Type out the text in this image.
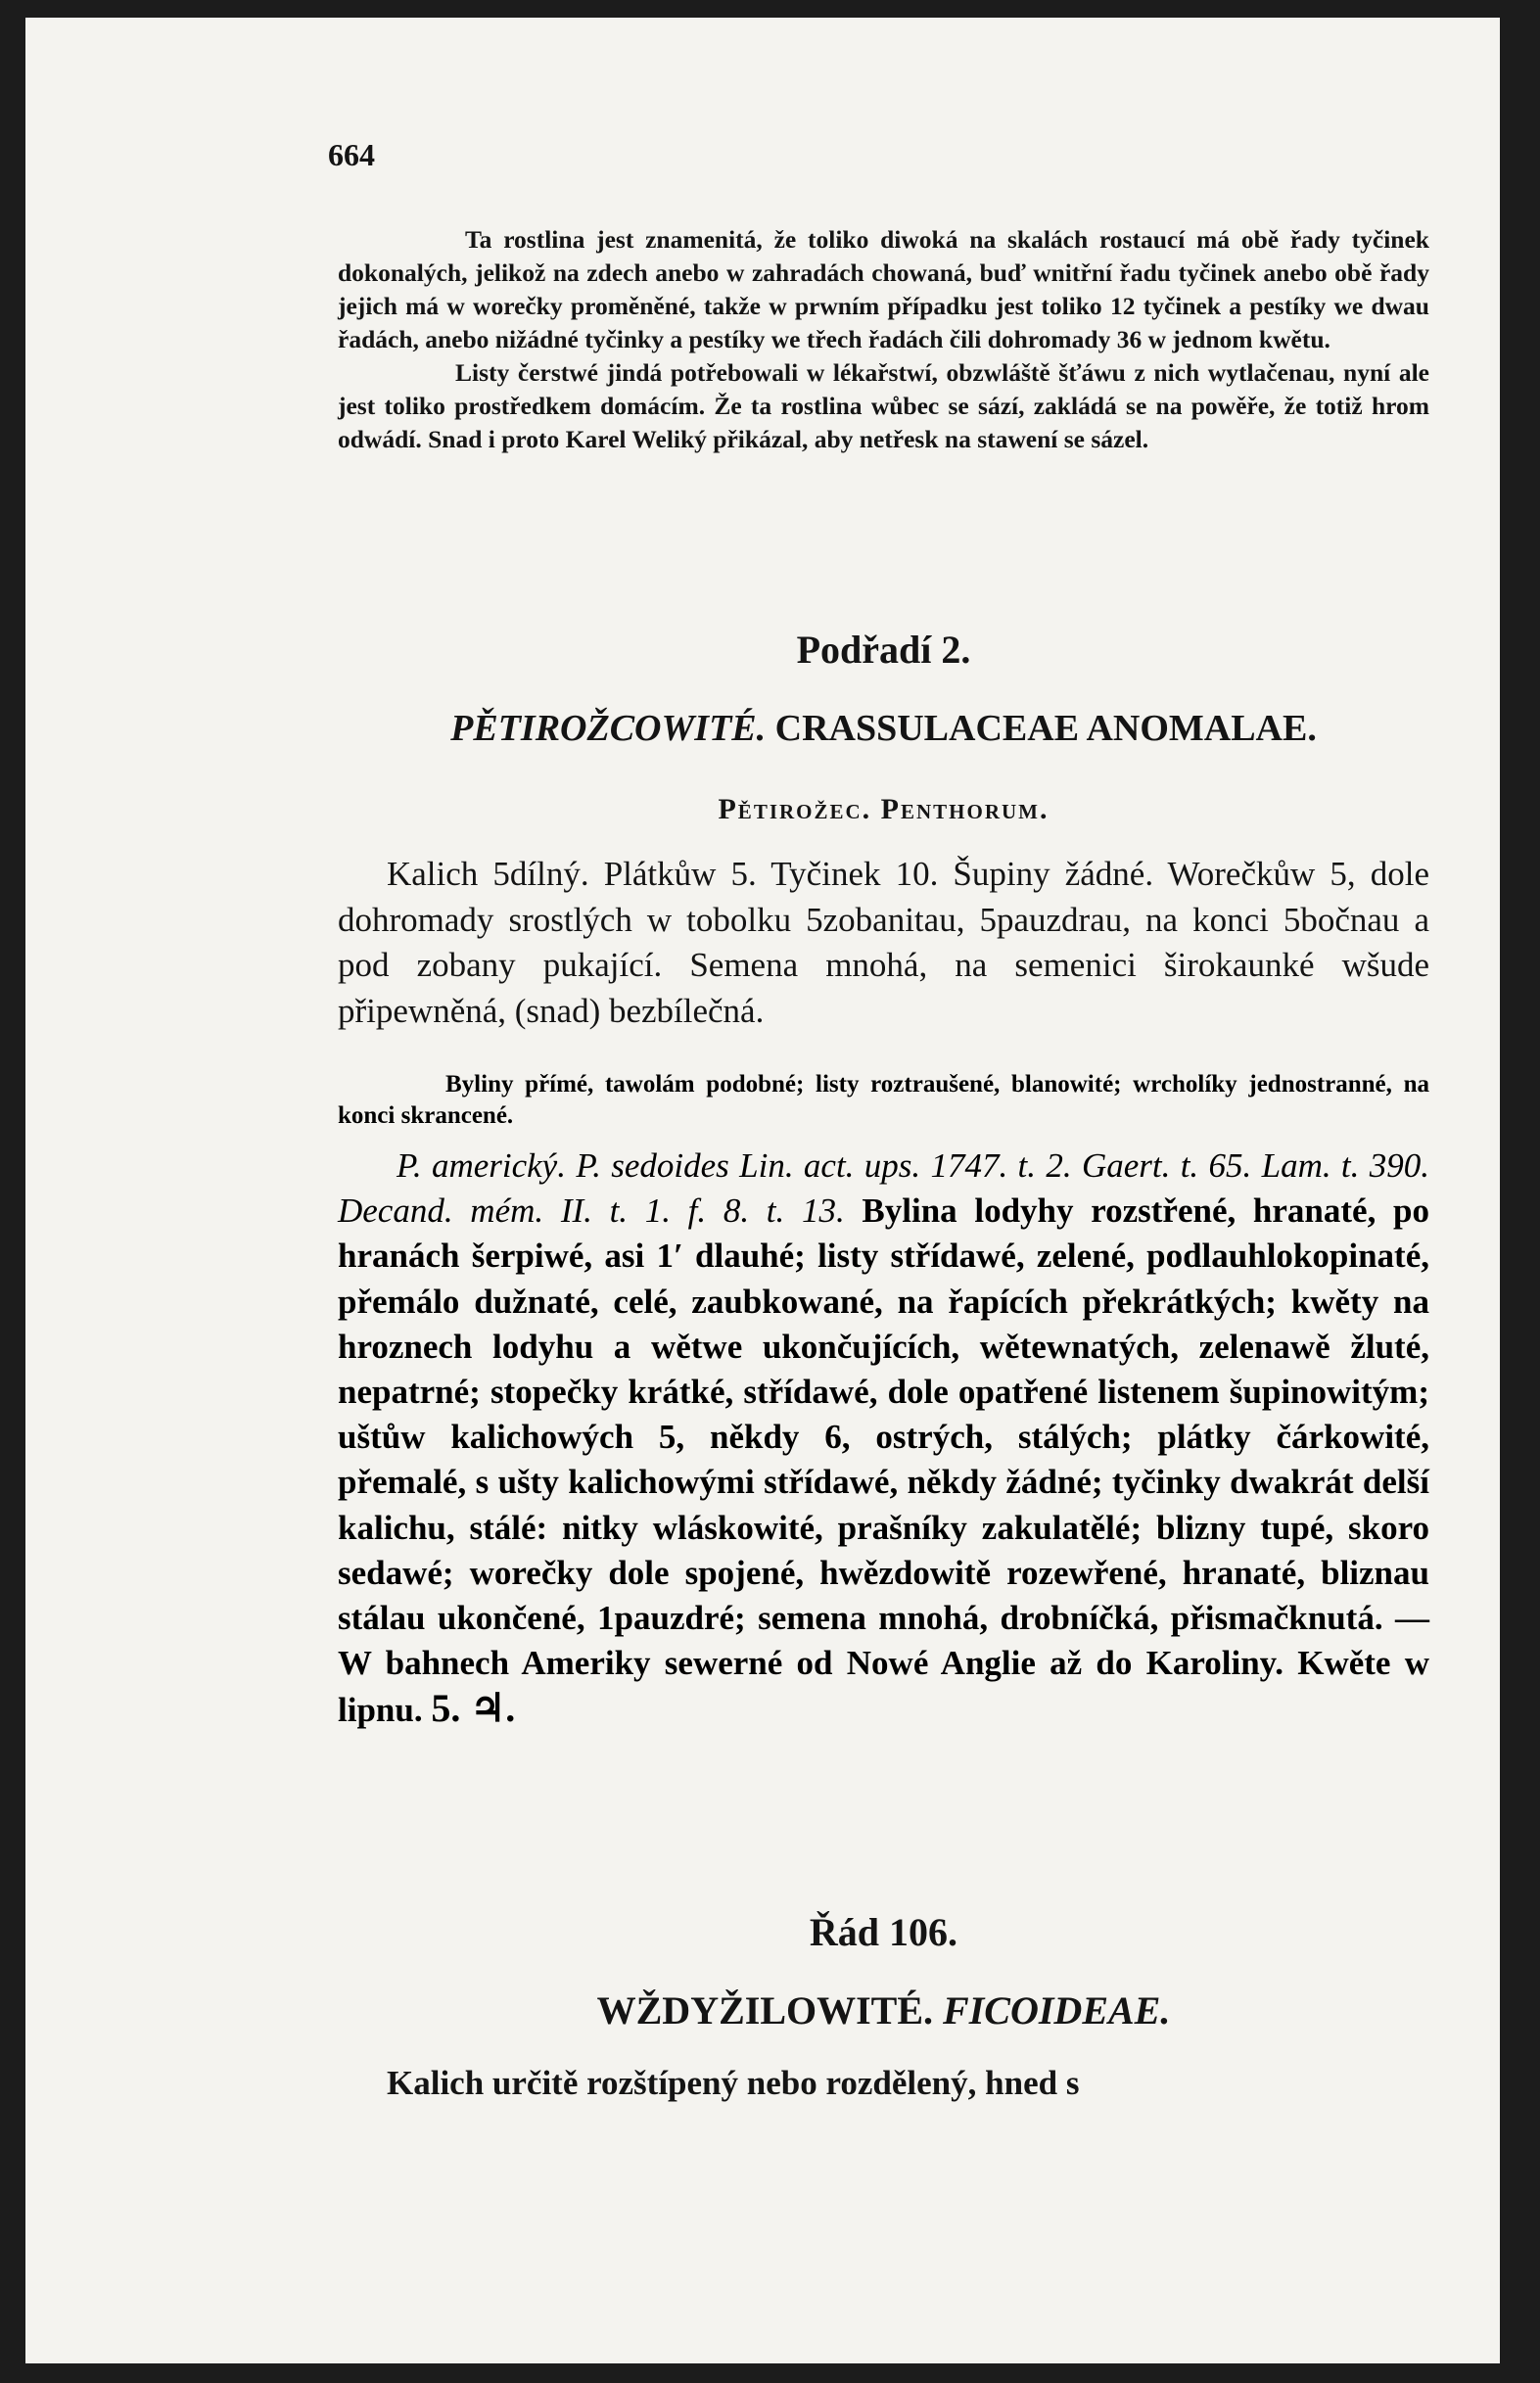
664

Ta rostlina jest znamenitá, že toliko diwoká na skalách rostaucí má obě řady tyčinek dokonalých, jelikož na zdech anebo w zahradách chowaná, buď wnitřní řadu tyčinek anebo obě řady jejich má w worečky proměněné, takže w prwním případku jest toliko 12 tyčinek a pestíky we dwau řadách, anebo nižádné tyčinky a pestíky we třech řadách čili dohromady 36 w jednom kwětu.

Listy čerstwé jindá potřebowali w lékařstwí, obzwláště šťáwu z nich wytlačenau, nyní ale jest toliko prostředkem domácím. Že ta rostlina wůbec se sází, zakládá se na powěře, že totiž hrom odwádí. Snad i proto Karel Weliký přikázal, aby netřesk na stawení se sázel.

Podřadí 2.
PĚTIROŽCOWITÉ. CRASSULACEAE ANOMALAE.
Pětirožec. Penthorum.

Kalich 5dílný. Plátkůw 5. Tyčinek 10. Šupiny žádné. Worečkůw 5, dole dohromady srostlých w tobolku 5zobanitau, 5pauzdrau, na konci 5bočnau a pod zobany pukající. Semena mnohá, na semenici širokaunké wšude připewněná, (snad) bezbílečná.

Byliny přímé, tawolám podobné; listy roztraušené, blanowité; wrcholíky jednostranné, na konci skrancené.

P. americký. P. sedoides Lin. act. ups. 1747. t. 2. Gaert. t. 65. Lam. t. 390. Decand. mém. II. t. 1. f. 8. t. 13. Bylina lodyhy rozstřené, hranaté, po hranách šerpiwé, asi 1′ dlauhé; listy střídawé, zelené, podlauhlokopinaté, přemálo dužnaté, celé, zaubkowané, na řapících překrátkých; kwěty na hroznech lodyhu a wětwe ukončujících, wětewnatých, zelenawě žluté, nepatrné; stopečky krátké, střídawé, dole opatřené listenem šupinowitým; uštůw kalichowých 5, někdy 6, ostrých, stálých; plátky čárkowité, přemalé, s ušty kalichowými střídawé, někdy žádné; tyčinky dwakrát delší kalichu, stálé: nitky wláskowité, prašníky zakulatělé; blizny tupé, skoro sedawé; worečky dole spojené, hwězdowitě rozewřené, hranaté, bliznau stálau ukončené, 1pauzdré; semena mnohá, drobníčká, přismačknutá. — W bahnech Ameriky sewerné od Nowé Anglie až do Karoliny. Kwěte w lipnu. 5. ♃.

Řád 106.
WŽDYŽILOWITÉ. FICOIDEAE.

Kalich určitě rozštípený nebo rozdělený, hned s
